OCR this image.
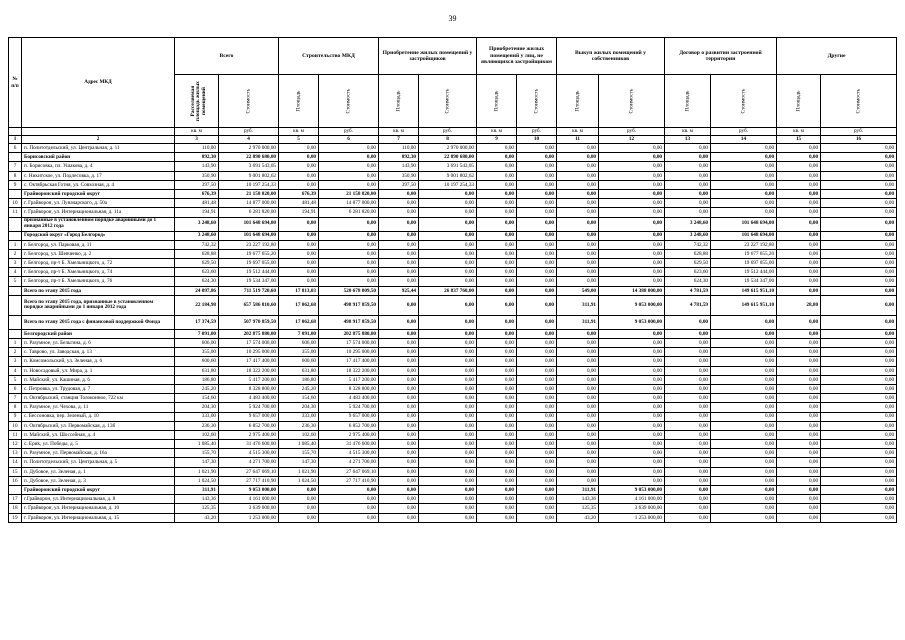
39
№ п/п	Адрес МКД	Всего		Строительство МКД		Приобретение жилых помещений у застройщиков		Приобретение жилых помещений у лиц, не являющихся застройщиком		Выкуп жилых помещений у собственников		Договор о развитии застроенной территории		Другие	
		Расселяемая площадь жилых помещений	Стоимость	Площадь	Стоимость	Площадь	Стоимость	Площадь	Стоимость	Площадь	Стоимость	Площадь	Стоимость	Площадь	Стоимость
		кв. м	руб.	кв. м	руб.	кв. м	руб.	кв. м	руб.	кв. м	руб.	кв. м	руб.	кв. м	руб.
1	2	3	4	5	6	7	8	9	10	11	12	13	14	15	16
6	п. Политотдельский, ул. Центральная, д. 11	110,00	2 970 000,00	0,00	0,00	110,00	2 970 000,00	0,00	0,00	0,00	0,00	0,00	0,00	0,00	0,00
	Борисовский район	892,30	22 890 680,00	0,00	0,00	892,30	22 890 680,00	0,00	0,00	0,00	0,00	0,00	0,00	0,00	0,00
7	п. Борисовка, пл. Ушакова, д. 4	143,90	3 691 543,05	0,00	0,00	143,90	3 691 543,05	0,00	0,00	0,00	0,00	0,00	0,00	0,00	0,00
8	с. Никитское, ул. Подлесовка, д. 17	350,90	9 001 802,62	0,00	0,00	350,90	9 001 802,62	0,00	0,00	0,00	0,00	0,00	0,00	0,00	0,00
9	с. Октябрьская Готня, ул. Совхозная, д. 4	397,50	10 197 254,33	0,00	0,00	397,50	10 197 254,33	0,00	0,00	0,00	0,00	0,00	0,00	0,00	0,00
	Грайворонский городской округ	676,39	21 158 820,00	676,39	21 158 820,00	0,00	0,00	0,00	0,00	0,00	0,00	0,00	0,00	0,00	0,00
10	г. Грайворон, ул. Луначарского, д. 50а	481,48	14 877 000,00	481,48	14 877 000,00	0,00	0,00	0,00	0,00	0,00	0,00	0,00	0,00	0,00	0,00
11	г. Грайворон, ул. Интернациональная, д. 11а	194,91	6 281 820,00	194,91	6 281 820,00	0,00	0,00	0,00	0,00	0,00	0,00	0,00	0,00	0,00	0,00
	признанные в установленном порядке аварийными до 1 января 2012 года	3 248,60	101 648 694,00	0,00	0,00	0,00	0,00	0,00	0,00	0,00	0,00	3 248,60	101 648 694,00	0,00	0,00
	Городской округ «Город Белгород»	3 248,60	101 648 694,00	0,00	0,00	0,00	0,00	0,00	0,00	0,00	0,00	3 248,60	101 648 694,00	0,00	0,00
1	г. Белгород, ул. Парковая, д. 11	742,32	23 227 192,80	0,00	0,00	0,00	0,00	0,00	0,00	0,00	0,00	742,32	23 227 192,80	0,00	0,00
2	г. Белгород, ул. Шевченко, д. 2	628,88	19 677 655,20	0,00	0,00	0,00	0,00	0,00	0,00	0,00	0,00	628,88	19 677 655,20	0,00	0,00
3	г. Белгород, пр-т Б. Хмельницкого, д. 72	629,50	19 697 055,00	0,00	0,00	0,00	0,00	0,00	0,00	0,00	0,00	629,50	19 697 055,00	0,00	0,00
4	г. Белгород, пр-т Б. Хмельницкого, д. 74	623,60	19 512 444,00	0,00	0,00	0,00	0,00	0,00	0,00	0,00	0,00	623,60	19 512 444,00	0,00	0,00
5	г. Белгород, пр-т Б. Хмельницкого, д. 76	624,30	19 534 347,00	0,00	0,00	0,00	0,00	0,00	0,00	0,00	0,00	624,30	19 534 347,00	0,00	0,00
	Всего по этапу 2015 года	24 097,86	711 519 720,60	17 813,03	520 678 009,50	925,44	26 837 760,00	0,00	0,00	549,00	14 388 000,00	4 781,59	149 615 951,10	0,00	0,00
	Всего по этапу 2015 года, признанные в установленном порядке аварийными до 1 января 2012 года	22 184,98	657 586 810,60	17 062,68	498 917 859,50	0,00	0,00	0,00	0,00	311,91	9 053 000,00	4 781,59	149 615 951,10	28,80	0,00
	Всего по этапу 2015 года с финансовой поддержкой Фонда	17 374,59	507 970 859,50	17 062,68	498 917 859,50	0,00	0,00	0,00	0,00	311,91	9 053 000,00	0,00	0,00	0,00	0,00
	Белгородский район	7 091,00	202 875 880,00	7 091,00	202 875 880,00	0,00	0,00	0,00	0,00	0,00	0,00	0,00	0,00	0,00	0,00
1	п. Разумное, ул. Бельгина, д. 6	606,00	17 574 000,00	606,00	17 574 000,00	0,00	0,00	0,00	0,00	0,00	0,00	0,00	0,00	0,00	0,00
2	с. Таврово, ул. Заводская, д. 13	355,00	10 295 000,00	355,00	10 295 000,00	0,00	0,00	0,00	0,00	0,00	0,00	0,00	0,00	0,00	0,00
3	п. Комсомольский, ул. Зеленая, д. 6	600,60	17 417 400,00	600,60	17 417 400,00	0,00	0,00	0,00	0,00	0,00	0,00	0,00	0,00	0,00	0,00
4	п. Новосадовый, ул. Мира, д. 1	631,80	18 322 200,00	631,80	18 322 200,00	0,00	0,00	0,00	0,00	0,00	0,00	0,00	0,00	0,00	0,00
5	п. Майский, ул. Кашиная, д. 6	186,80	5 417 200,00	186,80	5 417 200,00	0,00	0,00	0,00	0,00	0,00	0,00	0,00	0,00	0,00	0,00
6	с. Петровка, ул. Трудовая, д. 7	245,20	8 328 800,00	245,20	8 328 800,00	0,00	0,00	0,00	0,00	0,00	0,00	0,00	0,00	0,00	0,00
7	п. Октябрьский, станция Толоконное, 722 км	154,60	4 483 400,00	154,60	4 483 400,00	0,00	0,00	0,00	0,00	0,00	0,00	0,00	0,00	0,00	0,00
8	п. Разумное, ул. Чехова, д. 11	204,30	5 924 700,00	204,30	5 924 700,00	0,00	0,00	0,00	0,00	0,00	0,00	0,00	0,00	0,00	0,00
9	с. Бессоновка, пер. Зеленый, д. 10	333,00	9 657 000,00	333,00	9 657 000,00	0,00	0,00	0,00	0,00	0,00	0,00	0,00	0,00	0,00	0,00
10	п. Октябрьский, ул. Первомайская, д. 13б	236,30	6 852 700,00	236,30	6 852 700,00	0,00	0,00	0,00	0,00	0,00	0,00	0,00	0,00	0,00	0,00
11	п. Майский, ул. Шоссейная, д. 4	102,60	2 975 400,00	102,60	2 975 400,00	0,00	0,00	0,00	0,00	0,00	0,00	0,00	0,00	0,00	0,00
12	с. Ериk, ул. Победы, д. 5	1 085,40	31 476 600,00	1 085,40	31 476 600,00	0,00	0,00	0,00	0,00	0,00	0,00	0,00	0,00	0,00	0,00
13	п. Разумное, ул. Первомайская, д. 16а	155,70	4 515 300,00	155,70	4 515 300,00	0,00	0,00	0,00	0,00	0,00	0,00	0,00	0,00	0,00	0,00
14	п. Политотдельский, ул. Центральная, д. 5	147,30	4 271 700,00	147,30	4 271 700,00	0,00	0,00	0,00	0,00	0,00	0,00	0,00	0,00	0,00	0,00
15	п. Дубовое, ул. Зеленая, д. 1	1 021,90	27 647 069,10	1 021,90	27 647 069,10	0,00	0,00	0,00	0,00	0,00	0,00	0,00	0,00	0,00	0,00
16	п. Дубовое, ул. Зеленая, д. 3	1 024,50	27 717 410,90	1 024,50	27 717 410,90	0,00	0,00	0,00	0,00	0,00	0,00	0,00	0,00	0,00	0,00
	Грайворонский городской округ	311,91	9 053 000,00	0,00	0,00	0,00	0,00	0,00	0,00	311,91	9 053 000,00	0,00	0,00	0,00	0,00
17	г.Грайворон, ул. Интернациональная, д. 8	143,36	4 161 000,00	0,00	0,00	0,00	0,00	0,00	0,00	143,36	4 161 000,00	0,00	0,00	0,00	0,00
18	г. Грайворон, ул. Интернациональная, д. 10	125,35	3 639 000,00	0,00	0,00	0,00	0,00	0,00	0,00	125,35	3 639 000,00	0,00	0,00	0,00	0,00
19	г. Грайворон, ул. Интернациональная, д. 15	43,20	1 253 000,00	0,00	0,00	0,00	0,00	0,00	0,00	43,20	1 253 000,00	0,00	0,00	0,00	0,00
